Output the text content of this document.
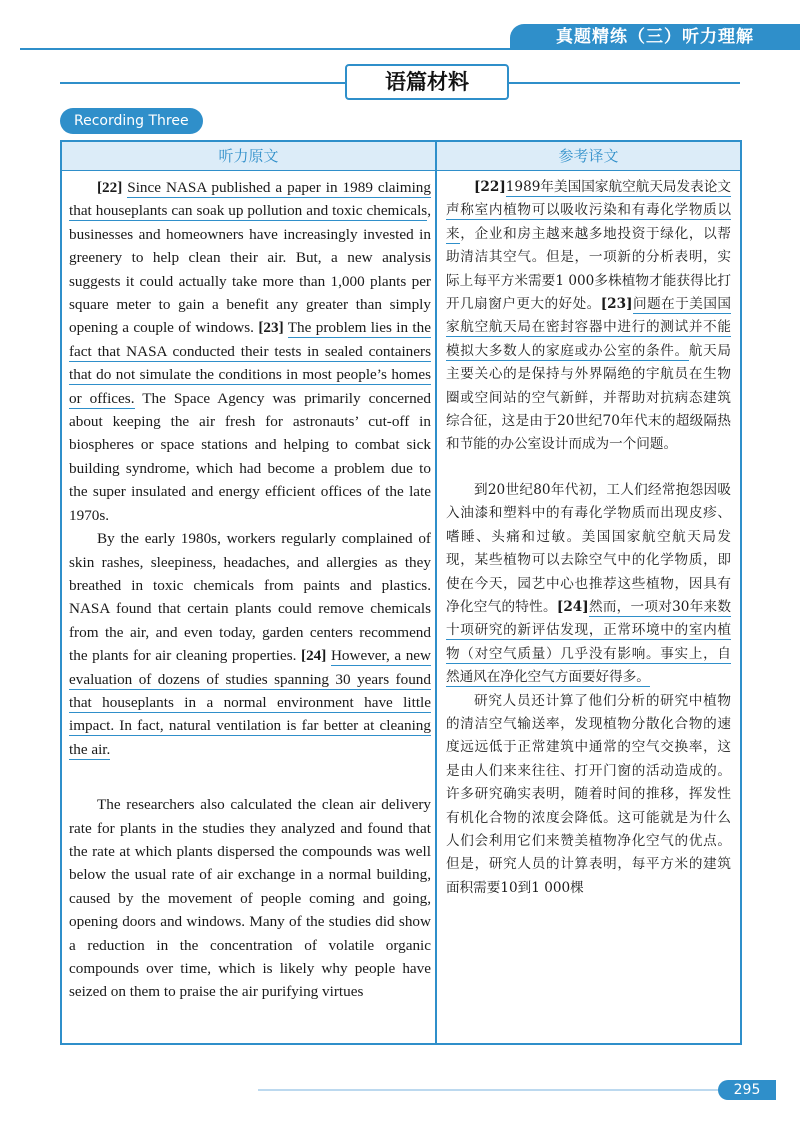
真题精练（三）听力理解
语篇材料
Recording Three
听力原文	参考译文

[22] Since NASA published a paper in 1989 claiming that houseplants can soak up pollution and toxic chemicals, businesses and homeowners have increasingly invested in greenery to help clean their air. But, a new analysis suggests it could actually take more than 1,000 plants per square meter to gain a benefit any greater than simply opening a couple of windows. [23] The problem lies in the fact that NASA conducted their tests in sealed containers that do not simulate the conditions in most people’s homes or offices. The Space Agency was primarily concerned about keeping the air fresh for astronauts’ cut-off in biospheres or space stations and helping to combat sick building syndrome, which had become a problem due to the super insulated and energy efficient offices of the late 1970s.

By the early 1980s, workers regularly complained of skin rashes, sleepiness, headaches, and allergies as they breathed in toxic chemicals from paints and plastics. NASA found that certain plants could remove chemicals from the air, and even today, garden centers recommend the plants for air cleaning properties. [24] However, a new evaluation of dozens of studies spanning 30 years found that houseplants in a normal environment have little impact. In fact, natural ventilation is far better at cleaning the air.

The researchers also calculated the clean air delivery rate for plants in the studies they analyzed and found that the rate at which plants dispersed the compounds was well below the usual rate of air exchange in a normal building, caused by the movement of people coming and going, opening doors and windows. Many of the studies did show a reduction in the concentration of volatile organic compounds over time, which is likely why people have seized on them to praise the air purifying virtues

[22]1989年美国国家航空航天局发表论文声称室内植物可以吸收污染和有毒化学物质以来，企业和房主越来越多地投资于绿化，以帮助清洁其空气。但是，一项新的分析表明，实际上每平方米需要1 000多株植物才能获得比打开几扇窗户更大的好处。[23]问题在于美国国家航空航天局在密封容器中进行的测试并不能模拟大多数人的家庭或办公室的条件。航天局主要关心的是保持与外界隔绝的宇航员在生物圈或空间站的空气新鲜，并帮助对抗病态建筑综合征，这是由于20世纪70年代末的超级隔热和节能的办公室设计而成为一个问题。

到20世纪80年代初，工人们经常抱怨因吸入油漆和塑料中的有毒化学物质而出现皮疹、嗜睡、头痛和过敏。美国国家航空航天局发现，某些植物可以去除空气中的化学物质，即使在今天，园艺中心也推荐这些植物，因具有净化空气的特性。[24]然而，一项对30年来数十项研究的新评估发现，正常环境中的室内植物（对空气质量）几乎没有影响。事实上，自然通风在净化空气方面要好得多。

研究人员还计算了他们分析的研究中植物的清洁空气输送率，发现植物分散化合物的速度远远低于正常建筑中通常的空气交换率，这是由人们来来往往、打开门窗的活动造成的。许多研究确实表明，随着时间的推移，挥发性有机化合物的浓度会降低。这可能就是为什么人们会利用它们来赞美植物净化空气的优点。但是，研究人员的计算表明，每平方米的建筑面积需要10到1 000棵

295
